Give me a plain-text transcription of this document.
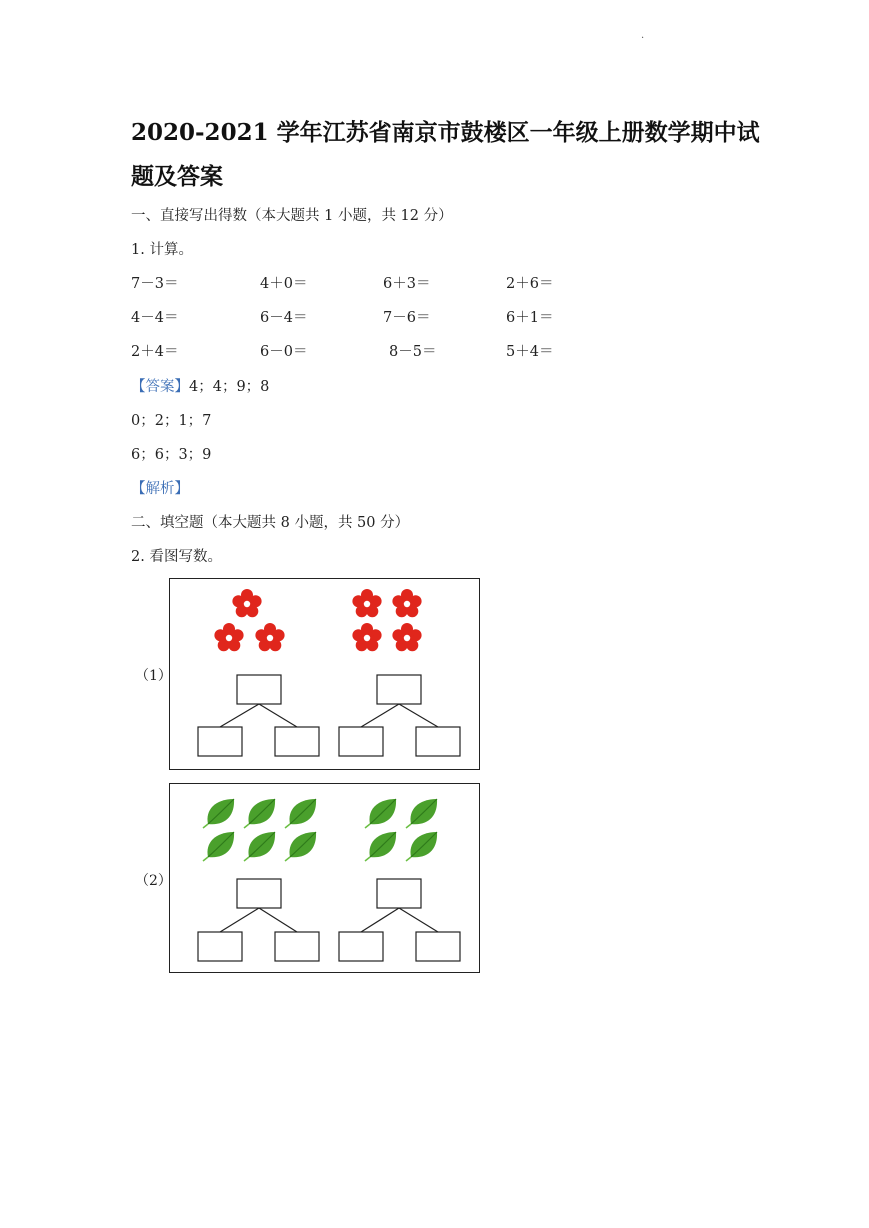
.
2020-2021 学年江苏省南京市鼓楼区一年级上册数学期中试
题及答案
一、直接写出得数（本大题共 1 小题，共 12 分）
1. 计算。
7－3＝	4＋0＝	6＋3＝	2＋6＝
4－4＝	6－4＝	7－6＝	6＋1＝
2＋4＝	6－0＝	8－5＝	5＋4＝
【答案】4；4；9；8
0；2；1；7
6；6；3；9
【解析】
二、填空题（本大题共 8 小题，共 50 分）
2. 看图写数。
（1）
（2）
